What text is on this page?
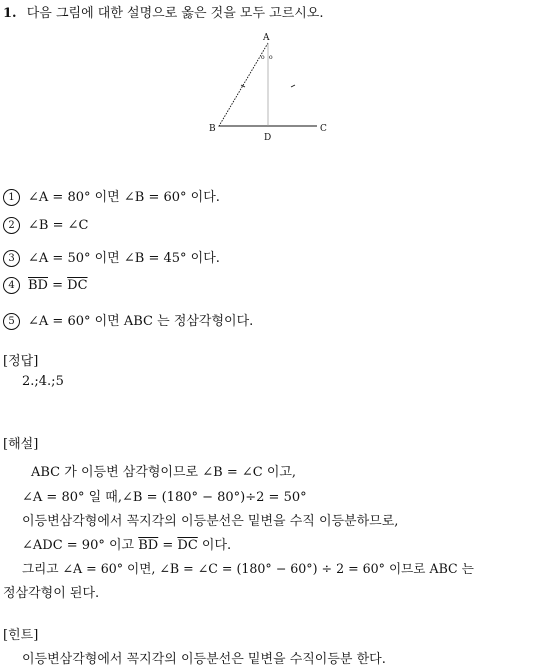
1. 다음 그림에 대한 설명으로 옳은 것을 모두 고르시오.
A
B	C
D
o o
1 ∠A = 80° 이면 ∠B = 60° 이다.
2 ∠B = ∠C
3 ∠A = 50° 이면 ∠B = 45° 이다.
4 $\overline{BD} = \overline{DC}$
5 ∠A = 60° 이면 ABC 는 정삼각형이다.
[정답]
2.;4.;5
[해설]
ABC 가 이등변 삼각형이므로 ∠B = ∠C 이고,
∠A = 80° 일 때,∠B = (180° − 80°)÷2 = 50°
이등변삼각형에서 꼭지각의 이등분선은 밑변을 수직 이등분하므로,
∠ADC = 90° 이고 $\overline{BD} = \overline{DC}$ 이다.
그리고 ∠A = 60° 이면, ∠B = ∠C = (180° − 60°) ÷ 2 = 60° 이므로 ABC 는
정삼각형이 된다.
[힌트]
이등변삼각형에서 꼭지각의 이등분선은 밑변을 수직이등분 한다.
